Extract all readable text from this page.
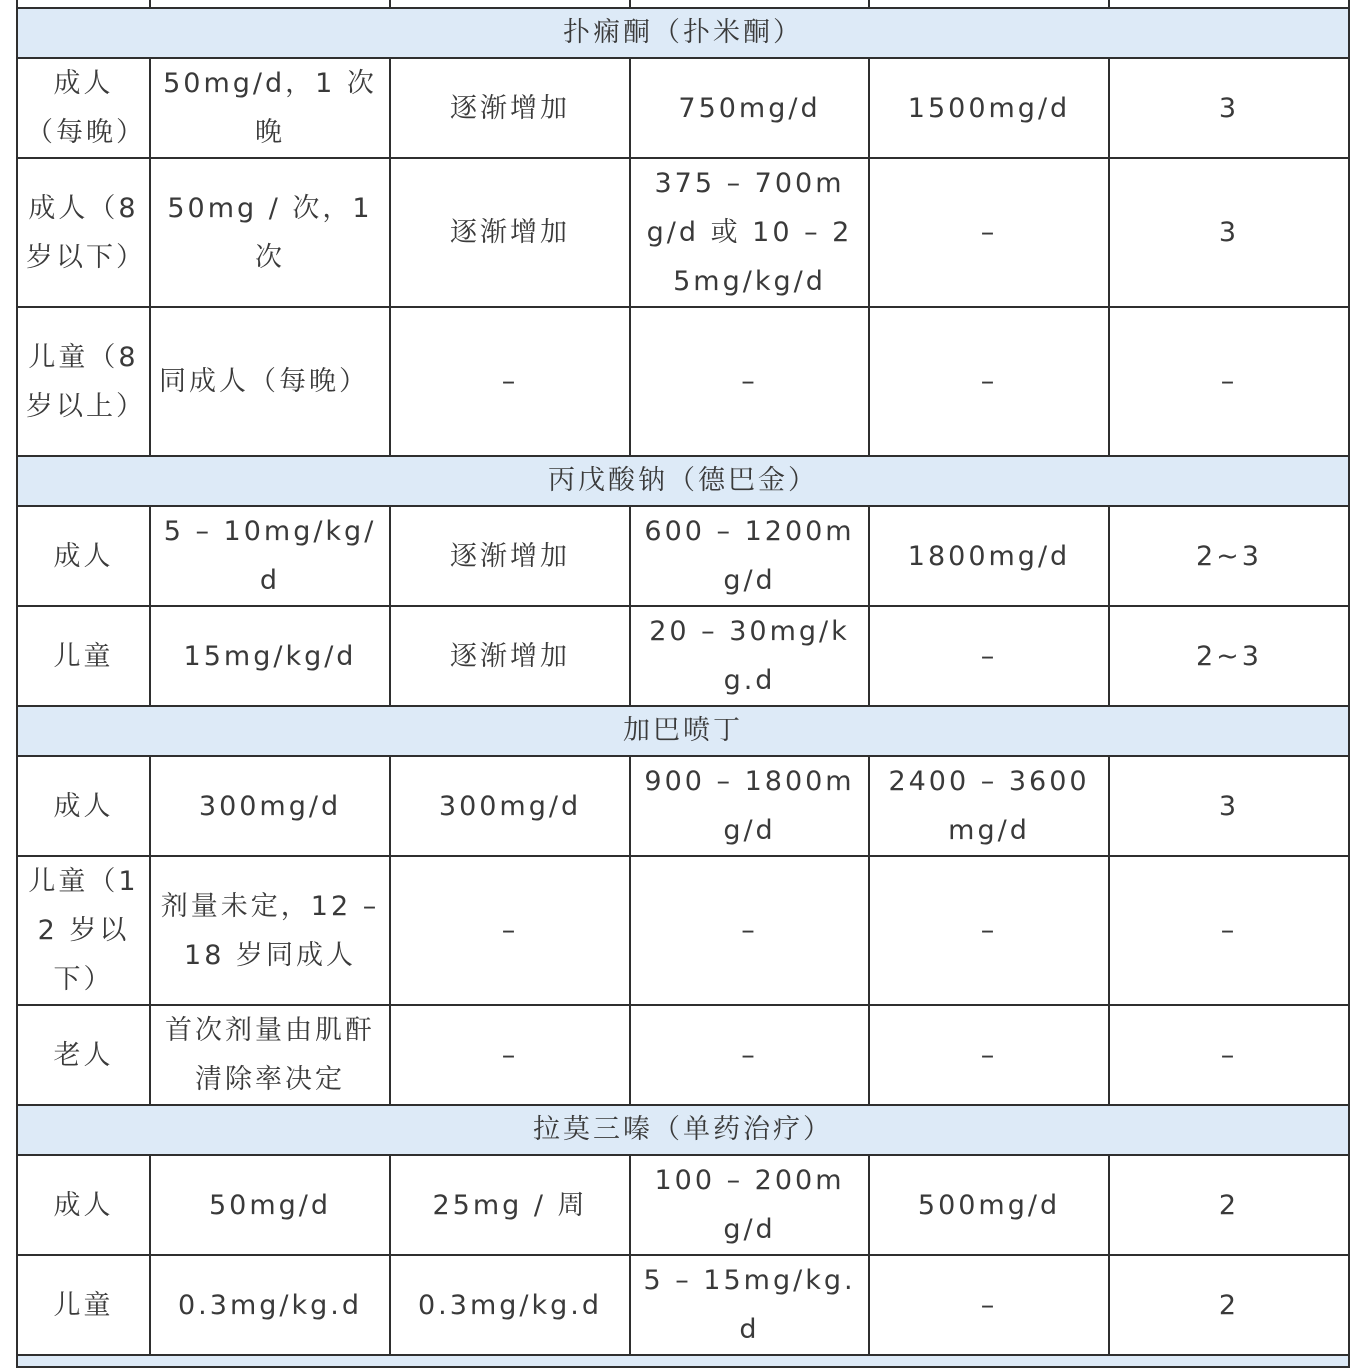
扑痫酮（扑米酮）					
成人（每晚）	50mg/d，1 次晚	逐渐增加	750mg/d	1500mg/d	3
成人（8 岁以下）	50mg / 次，1 次	逐渐增加	375 – 700mg/d 或 10 – 25mg/kg/d	–	3
儿童（8 岁以上）	同成人（每晚）	–	–	–	–
丙戊酸钠（德巴金）					
成人	5 – 10mg/kg/d	逐渐增加	600 – 1200mg/d	1800mg/d	2~3
儿童	15mg/kg/d	逐渐增加	20 – 30mg/kg.d	–	2~3
加巴喷丁					
成人	300mg/d	300mg/d	900 – 1800mg/d	2400 – 3600mg/d	3
儿童（12 岁以下）	剂量未定，12 – 18 岁同成人	–	–	–	–
老人	首次剂量由肌酐清除率决定	–	–	–	–
拉莫三嗪（单药治疗）					
成人	50mg/d	25mg / 周	100 – 200mg/d	500mg/d	2
儿童	0.3mg/kg.d	0.3mg/kg.d	5 – 15mg/kg.d	–	2
